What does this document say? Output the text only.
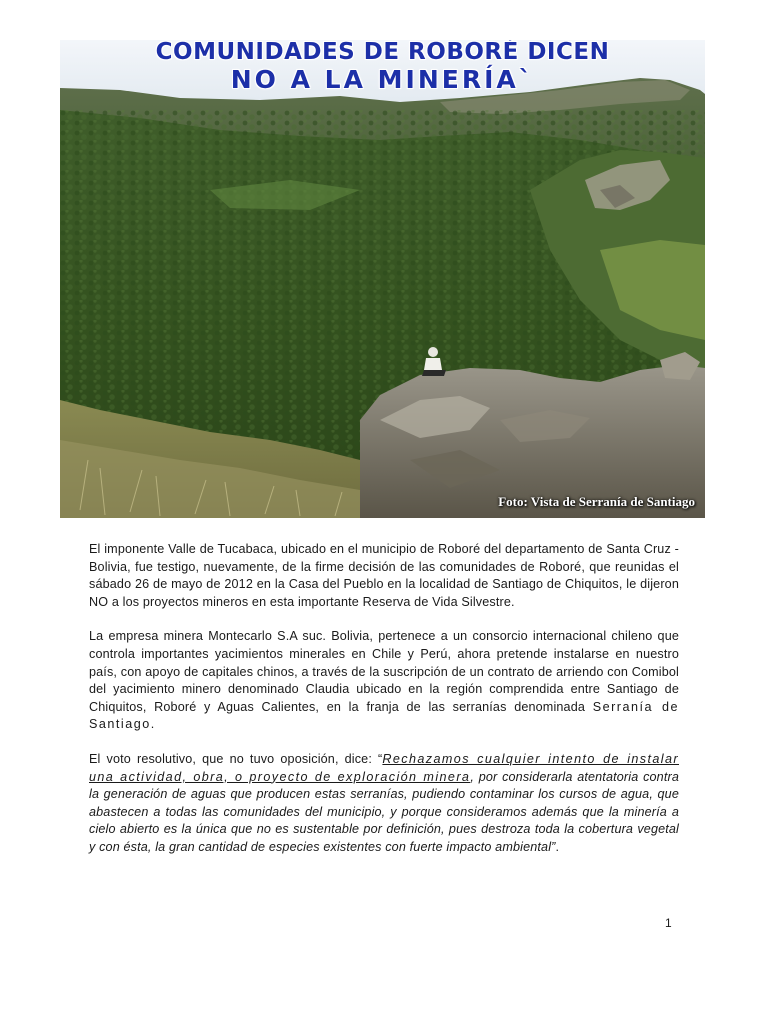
COMUNIDADES DE ROBORÉ DICEN
NO A LA MINERÍA`
Foto: Vista de Serranía de Santiago

El imponente Valle de Tucabaca, ubicado en el municipio de Roboré del departamento de Santa Cruz - Bolivia, fue testigo, nuevamente, de la firme decisión de las comunidades de Roboré, que reunidas el sábado 26 de mayo de 2012 en la Casa del Pueblo en la localidad de Santiago de Chiquitos, le dijeron NO a los proyectos mineros en esta importante Reserva de Vida Silvestre.

La empresa minera Montecarlo S.A suc. Bolivia, pertenece a un consorcio internacional chileno que controla importantes yacimientos minerales en Chile y Perú, ahora pretende instalarse en nuestro país, con apoyo de capitales chinos, a través de la suscripción de un contrato de arriendo con Comibol del yacimiento minero denominado Claudia ubicado en la región comprendida entre Santiago de Chiquitos, Roboré y Aguas Calientes, en la franja de las serranías denominada Serranía de Santiago.

El voto resolutivo, que no tuvo oposición, dice: “Rechazamos cualquier intento de instalar una actividad, obra, o proyecto de exploración minera, por considerarla atentatoria contra la generación de aguas que producen estas serranías, pudiendo contaminar los cursos de agua, que abastecen a todas las comunidades del municipio, y porque consideramos además que la minería a cielo abierto es la única que no es sustentable por definición, pues destroza toda la cobertura vegetal y con ésta, la gran cantidad de especies existentes con fuerte impacto ambiental”.

1
